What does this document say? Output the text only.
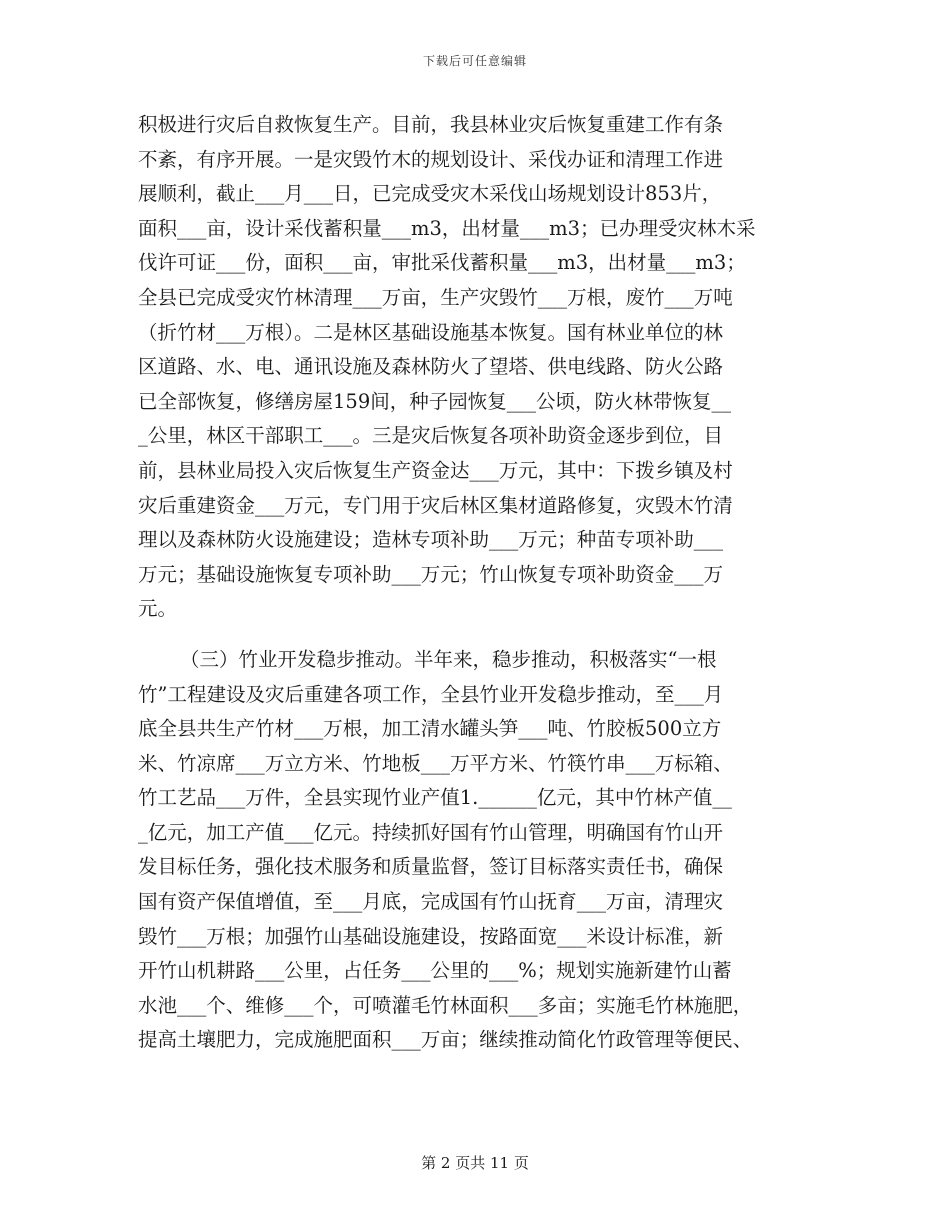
下载后可任意编辑
积极进行灾后自救恢复生产。目前，我县林业灾后恢复重建工作有条
不紊，有序开展。一是灾毁竹木的规划设计、采伐办证和清理工作进
展顺利，截止___月___日，已完成受灾木采伐山场规划设计853片，
面积___亩，设计采伐蓄积量___m3，出材量___m3；已办理受灾林木采
伐许可证___份，面积___亩，审批采伐蓄积量___m3，出材量___m3；
全县已完成受灾竹林清理___万亩，生产灾毁竹___万根，废竹___万吨
（折竹材___万根）。二是林区基础设施基本恢复。国有林业单位的林
区道路、水、电、通讯设施及森林防火了望塔、供电线路、防火公路
已全部恢复，修缮房屋159间，种子园恢复___公顷，防火林带恢复__
_公里，林区干部职工___。三是灾后恢复各项补助资金逐步到位，目
前，县林业局投入灾后恢复生产资金达___万元，其中：下拨乡镇及村
灾后重建资金___万元，专门用于灾后林区集材道路修复，灾毁木竹清
理以及森林防火设施建设；造林专项补助___万元；种苗专项补助___
万元；基础设施恢复专项补助___万元；竹山恢复专项补助资金___万
元。
（三）竹业开发稳步推动。半年来，稳步推动，积极落实“一根
竹”工程建设及灾后重建各项工作，全县竹业开发稳步推动，至___月
底全县共生产竹材___万根，加工清水罐头笋___吨、竹胶板500立方
米、竹凉席___万立方米、竹地板___万平方米、竹筷竹串___万标箱、
竹工艺品___万件，全县实现竹业产值1.______亿元，其中竹林产值__
_亿元，加工产值___亿元。持续抓好国有竹山管理，明确国有竹山开
发目标任务，强化技术服务和质量监督，签订目标落实责任书，确保
国有资产保值增值，至___月底，完成国有竹山抚育___万亩，清理灾
毁竹___万根；加强竹山基础设施建设，按路面宽___米设计标准，新
开竹山机耕路___公里，占任务___公里的___%；规划实施新建竹山蓄
水池___个、维修___个，可喷灌毛竹林面积___多亩；实施毛竹林施肥，
提高土壤肥力，完成施肥面积___万亩；继续推动简化竹政管理等便民、
第 2 页共 11 页
